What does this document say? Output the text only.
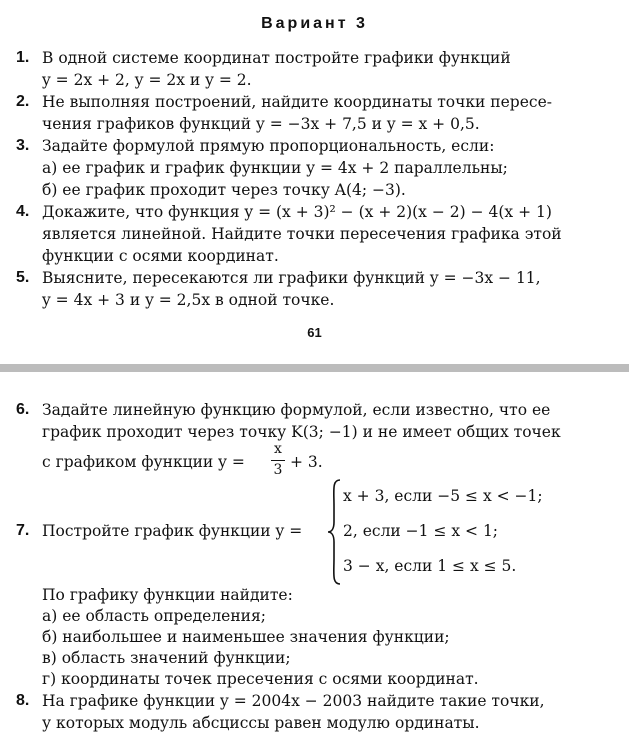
Вариант 3
1. В одной системе координат постройте графики функций
y = 2x + 2, y = 2x и y = 2.
2. Не выполняя построений, найдите координаты точки пересе-
чения графиков функций y = −3x + 7,5 и y = x + 0,5.
3. Задайте формулой прямую пропорциональность, если:
а) ее график и график функции y = 4x + 2 параллельны;
б) ее график проходит через точку A(4; −3).
4. Докажите, что функция y = (x + 3)² − (x + 2)(x − 2) − 4(x + 1)
является линейной. Найдите точки пересечения графика этой
функции с осями координат.
5. Выясните, пересекаются ли графики функций y = −3x − 11,
y = 4x + 3 и y = 2,5x в одной точке.
61
6. Задайте линейную функцию формулой, если известно, что ее
график проходит через точку K(3; −1) и не имеет общих точек
с графиком функции y =
x
3 + 3.
7. Постройте график функции y =
x + 3, если −5 ≤ x < −1;
2, если −1 ≤ x < 1;
3 − x, если 1 ≤ x ≤ 5.
По графику функции найдите:
а) ее область определения;
б) наибольшее и наименьшее значения функции;
в) область значений функции;
г) координаты точек пресечения с осями координат.
8. На графике функции y = 2004x − 2003 найдите такие точки,
у которых модуль абсциссы равен модулю ординаты.
